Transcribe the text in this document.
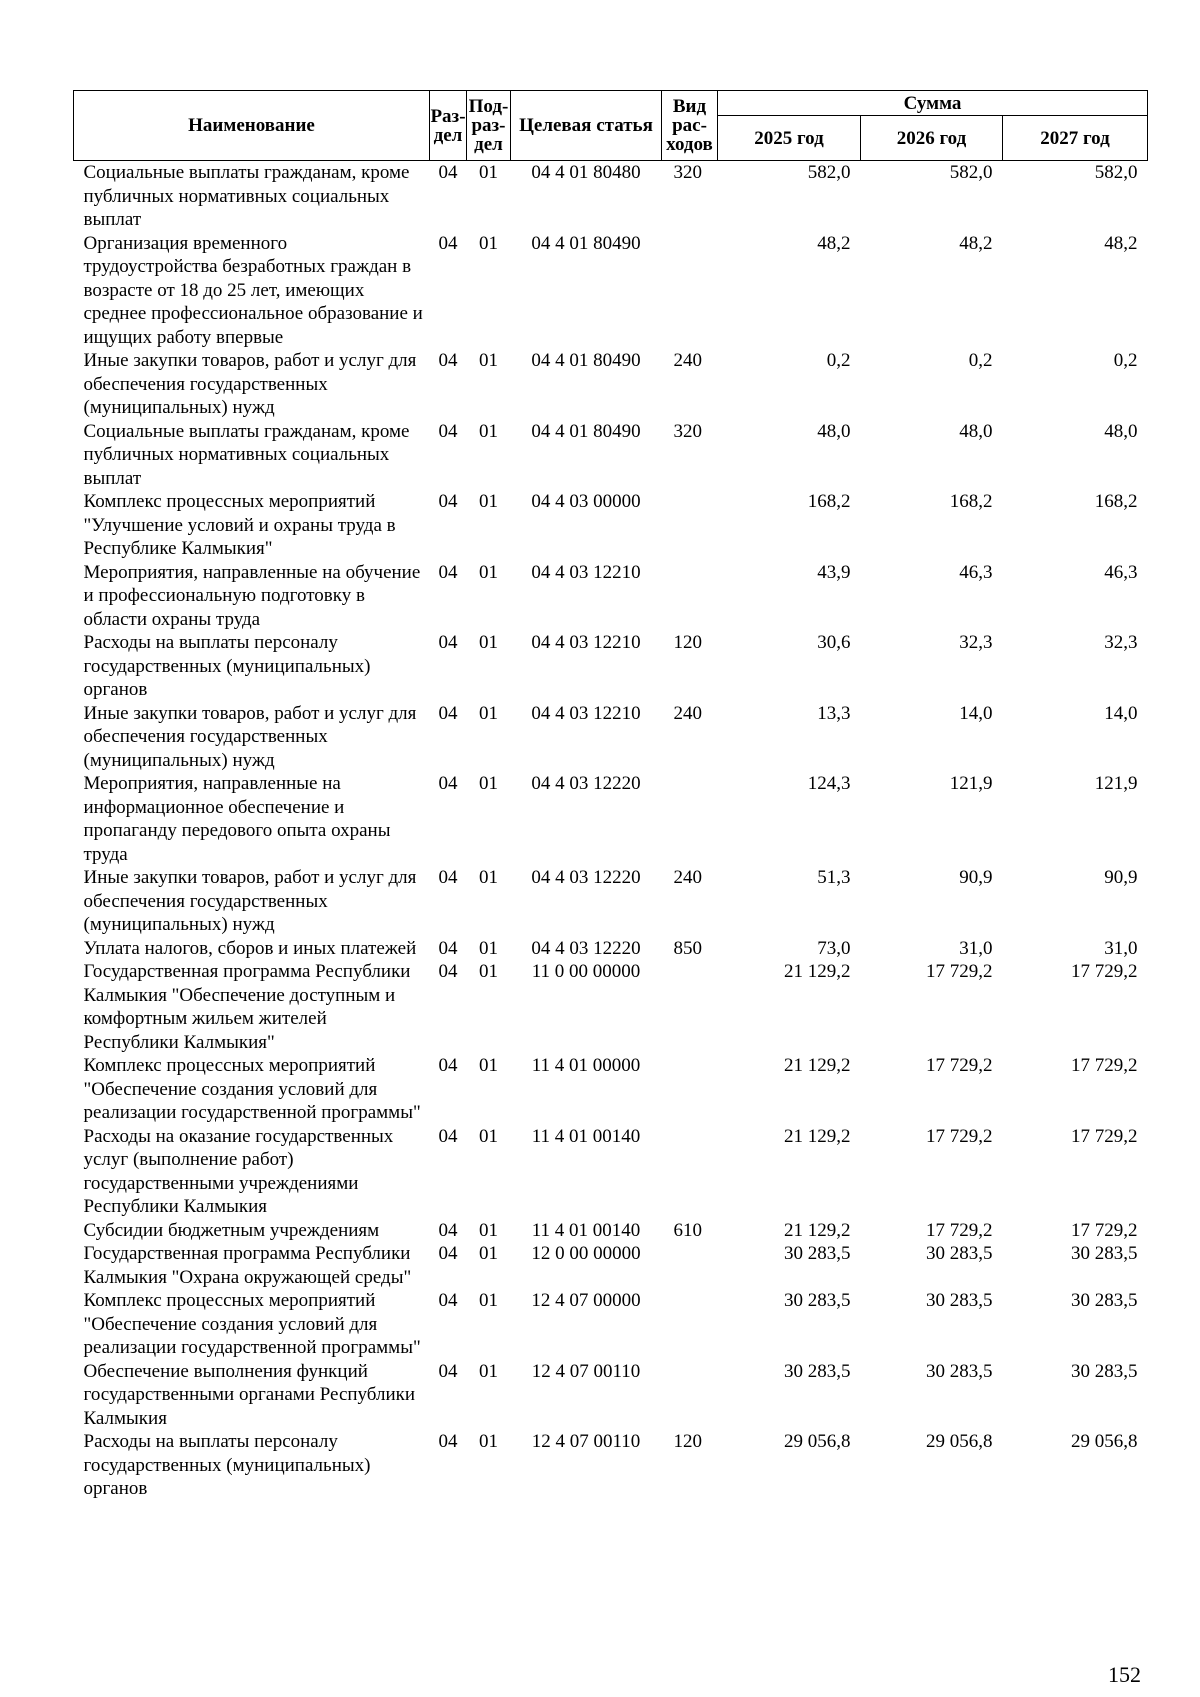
Наименование	Раз-дел	Под-раз-дел	Целевая статья	Вид рас-ходов	Сумма		
					2025 год	2026 год	2027 год
Социальные выплаты гражданам, кроме публичных нормативных социальных выплат	04	01	04 4 01 80480	320	582,0	582,0	582,0
Организация временного трудоустройства безработных граждан в возрасте от 18 до 25 лет, имеющих среднее профессиональное образование и ищущих работу впервые	04	01	04 4 01 80490		48,2	48,2	48,2
Иные закупки товаров, работ и услуг для обеспечения государственных (муниципальных) нужд	04	01	04 4 01 80490	240	0,2	0,2	0,2
Социальные выплаты гражданам, кроме публичных нормативных социальных выплат	04	01	04 4 01 80490	320	48,0	48,0	48,0
Комплекс процессных мероприятий "Улучшение условий и охраны труда в Республике Калмыкия"	04	01	04 4 03 00000		168,2	168,2	168,2
Мероприятия, направленные на обучение и профессиональную подготовку в области охраны труда	04	01	04 4 03 12210		43,9	46,3	46,3
Расходы на выплаты персоналу государственных (муниципальных) органов	04	01	04 4 03 12210	120	30,6	32,3	32,3
Иные закупки товаров, работ и услуг для обеспечения государственных (муниципальных) нужд	04	01	04 4 03 12210	240	13,3	14,0	14,0
Мероприятия, направленные на информационное обеспечение и пропаганду передового опыта охраны труда	04	01	04 4 03 12220		124,3	121,9	121,9
Иные закупки товаров, работ и услуг для обеспечения государственных (муниципальных) нужд	04	01	04 4 03 12220	240	51,3	90,9	90,9
Уплата налогов, сборов и иных платежей	04	01	04 4 03 12220	850	73,0	31,0	31,0
Государственная программа Республики Калмыкия "Обеспечение доступным и комфортным жильем жителей Республики Калмыкия"	04	01	11 0 00 00000		21 129,2	17 729,2	17 729,2
Комплекс процессных мероприятий "Обеспечение создания условий для реализации государственной программы"	04	01	11 4 01 00000		21 129,2	17 729,2	17 729,2
Расходы на оказание государственных услуг (выполнение работ) государственными учреждениями Республики Калмыкия	04	01	11 4 01 00140		21 129,2	17 729,2	17 729,2
Субсидии бюджетным учреждениям	04	01	11 4 01 00140	610	21 129,2	17 729,2	17 729,2
Государственная программа Республики Калмыкия "Охрана окружающей среды"	04	01	12 0 00 00000		30 283,5	30 283,5	30 283,5
Комплекс процессных мероприятий "Обеспечение создания условий для реализации государственной программы"	04	01	12 4 07 00000		30 283,5	30 283,5	30 283,5
Обеспечение выполнения функций государственными органами Республики Калмыкия	04	01	12 4 07 00110		30 283,5	30 283,5	30 283,5
Расходы на выплаты персоналу государственных (муниципальных) органов	04	01	12 4 07 00110	120	29 056,8	29 056,8	29 056,8
152
